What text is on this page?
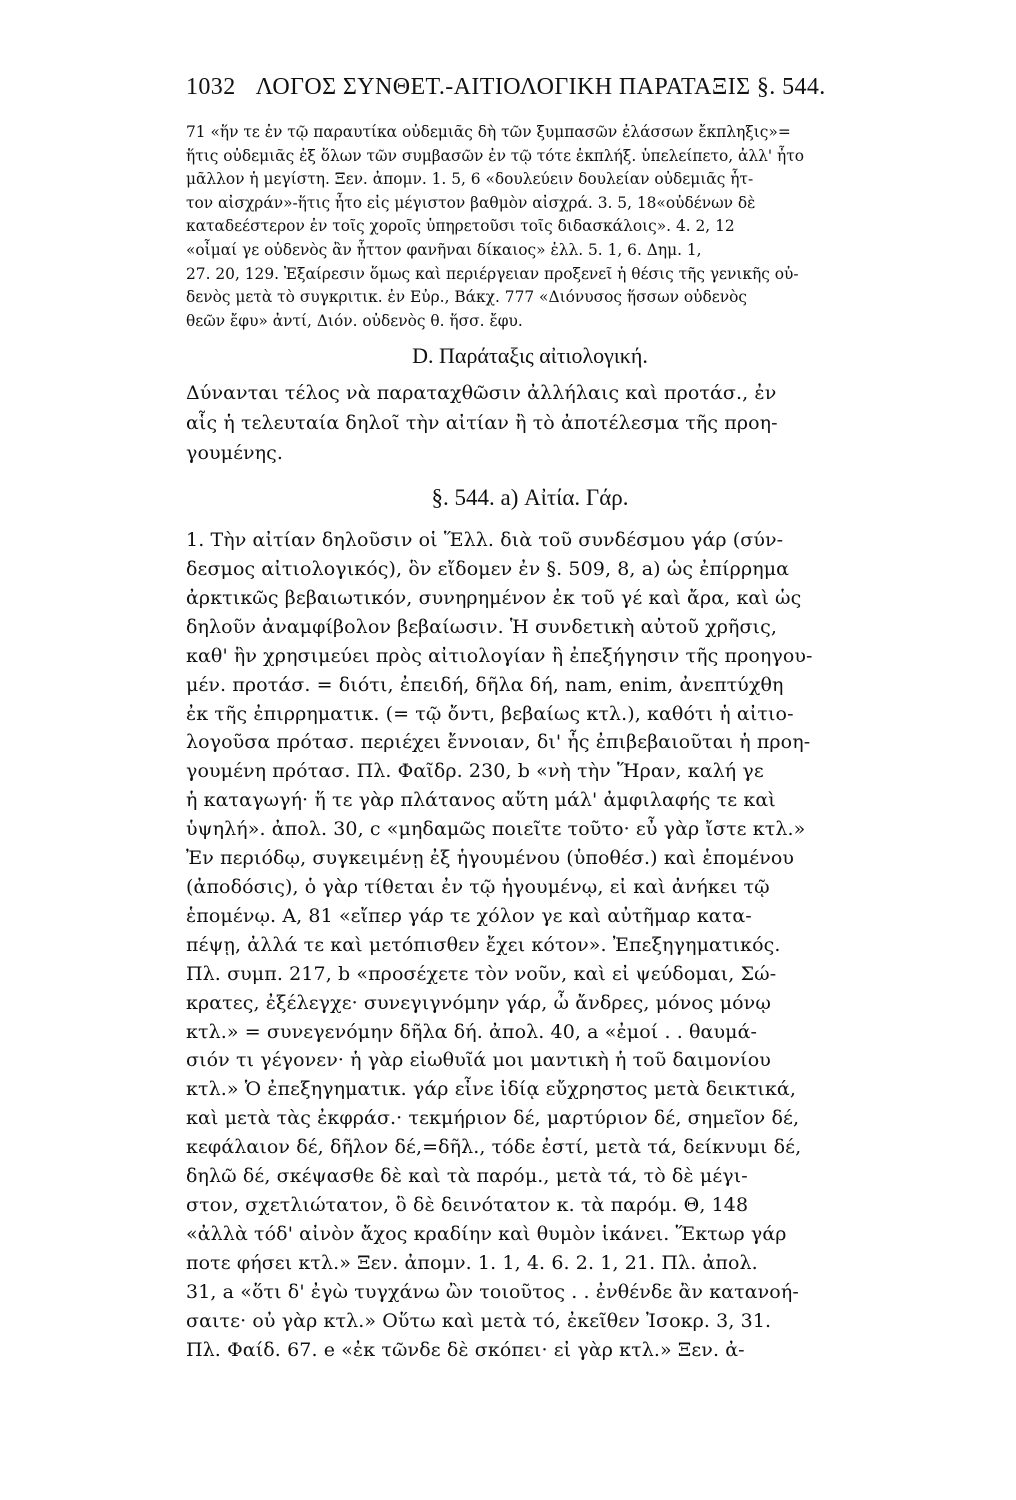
1032 ΛΟΓΟΣ ΣΥΝΘΕΤ.-ΑΙΤΙΟΛΟΓΙΚΗ ΠΑΡΑΤΑΞΙΣ §. 544.
71 «ἥν τε ἐν τῷ παραυτίκα οὐδεμιᾶς δὴ τῶν ξυμπασῶν ἐλάσσων ἔκπληξις»=
ἥτις οὐδεμιᾶς ἐξ ὅλων τῶν συμβασῶν ἐν τῷ τότε ἐκπλήξ. ὑπελείπετο, ἀλλ' ἦτο
μᾶλλον ἡ μεγίστη. Ξεν. ἀπομν. 1. 5, 6 «δουλεύειν δουλείαν οὐδεμιᾶς ἧτ-
τον αἰσχράν»-ἥτις ἦτο εἰς μέγιστον βαθμὸν αἰσχρά. 3. 5, 18«οὐδένων δὲ
καταδεέστερον ἐν τοῖς χοροῖς ὑπηρετοῦσι τοῖς διδασκάλοις». 4. 2, 12
«οἶμαί γε οὐδενὸς ἂν ἧττον φανῆναι δίκαιος» ἑλλ. 5. 1, 6. Δημ. 1,
27. 20, 129. Ἐξαίρεσιν ὅμως καὶ περιέργειαν προξενεῖ ἡ θέσις τῆς γενικῆς οὐ-
δενὸς μετὰ τὸ συγκριτικ. ἐν Εὐρ., Βάκχ. 777 «Διόνυσος ἥσσων οὐδενὸς
θεῶν ἔφυ» ἀντί, Διόν. οὐδενὸς θ. ἥσσ. ἔφυ.
D. Παράταξις αἰτιολογική.
Δύνανται τέλος νὰ παραταχθῶσιν ἀλλήλαις καὶ προτάσ., ἐν
αἷς ἡ τελευταία δηλοῖ τὴν αἰτίαν ἢ τὸ ἀποτέλεσμα τῆς προη-
γουμένης.
§. 544. a) Αἰτία. Γάρ.
1. Τὴν αἰτίαν δηλοῦσιν οἱ Ἕλλ. διὰ τοῦ συνδέσμου γάρ (σύν-
δεσμος αἰτιολογικός), ὃν εἴδομεν ἐν §. 509, 8, a) ὡς ἐπίρρημα
ἀρκτικῶς βεβαιωτικόν, συνηρημένον ἐκ τοῦ γέ καὶ ἄρα, καὶ ὡς
δηλοῦν ἀναμφίβολον βεβαίωσιν. Ἡ συνδετικὴ αὐτοῦ χρῆσις,
καθ' ἣν χρησιμεύει πρὸς αἰτιολογίαν ἢ ἐπεξήγησιν τῆς προηγου-
μέν. προτάσ. = διότι, ἐπειδή, δῆλα δή, nam, enim, ἀνεπτύχθη
ἐκ τῆς ἐπιρρηματικ. (= τῷ ὄντι, βεβαίως κτλ.), καθότι ἡ αἰτιο-
λογοῦσα πρότασ. περιέχει ἔννοιαν, δι' ἧς ἐπιβεβαιοῦται ἡ προη-
γουμένη πρότασ. Πλ. Φαῖδρ. 230, b «νὴ τὴν Ἥραν, καλή γε
ἡ καταγωγή· ἥ τε γὰρ πλάτανος αὕτη μάλ' ἀμφιλαφής τε καὶ
ὑψηλή». ἀπολ. 30, c «μηδαμῶς ποιεῖτε τοῦτο· εὖ γὰρ ἴστε κτλ.»
Ἐν περιόδῳ, συγκειμένῃ ἐξ ἡγουμένου (ὑποθέσ.) καὶ ἑπομένου
(ἀποδόσις), ὁ γὰρ τίθεται ἐν τῷ ἡγουμένῳ, εἰ καὶ ἀνήκει τῷ
ἑπομένῳ. Α, 81 «εἴπερ γάρ τε χόλον γε καὶ αὐτῆμαρ κατα-
πέψῃ, ἀλλά τε καὶ μετόπισθεν ἔχει κότον». Ἐπεξηγηματικός.
Πλ. συμπ. 217, b «προσέχετε τὸν νοῦν, καὶ εἰ ψεύδομαι, Σώ-
κρατες, ἐξέλεγχε· συνεγιγνόμην γάρ, ὦ ἄνδρες, μόνος μόνῳ
κτλ.» = συνεγενόμην δῆλα δή. ἀπολ. 40, a «ἐμοί . . θαυμά-
σιόν τι γέγονεν· ἡ γὰρ εἰωθυῖά μοι μαντικὴ ἡ τοῦ δαιμονίου
κτλ.» Ὁ ἐπεξηγηματικ. γάρ εἶνε ἰδίᾳ εὔχρηστος μετὰ δεικτικά,
καὶ μετὰ τὰς ἐκφράσ.· τεκμήριον δέ, μαρτύριον δέ, σημεῖον δέ,
κεφάλαιον δέ, δῆλον δέ,=δῆλ., τόδε ἐστί, μετὰ τά, δείκνυμι δέ,
δηλῶ δέ, σκέψασθε δὲ καὶ τὰ παρόμ., μετὰ τά, τὸ δὲ μέγι-
στον, σχετλιώτατον, ὃ δὲ δεινότατον κ. τὰ παρόμ. Θ, 148
«ἀλλὰ τόδ' αἰνὸν ἄχος κραδίην καὶ θυμὸν ἱκάνει. Ἕκτωρ γάρ
ποτε φήσει κτλ.» Ξεν. ἀπομν. 1. 1, 4. 6. 2. 1, 21. Πλ. ἀπολ.
31, a «ὅτι δ' ἐγὼ τυγχάνω ὢν τοιοῦτος . . ἐνθένδε ἂν κατανοή-
σαιτε· οὐ γὰρ κτλ.» Οὕτω καὶ μετὰ τό, ἐκεῖθεν Ἰσοκρ. 3, 31.
Πλ. Φαίδ. 67. e «ἐκ τῶνδε δὲ σκόπει· εἰ γὰρ κτλ.» Ξεν. ἀ-
